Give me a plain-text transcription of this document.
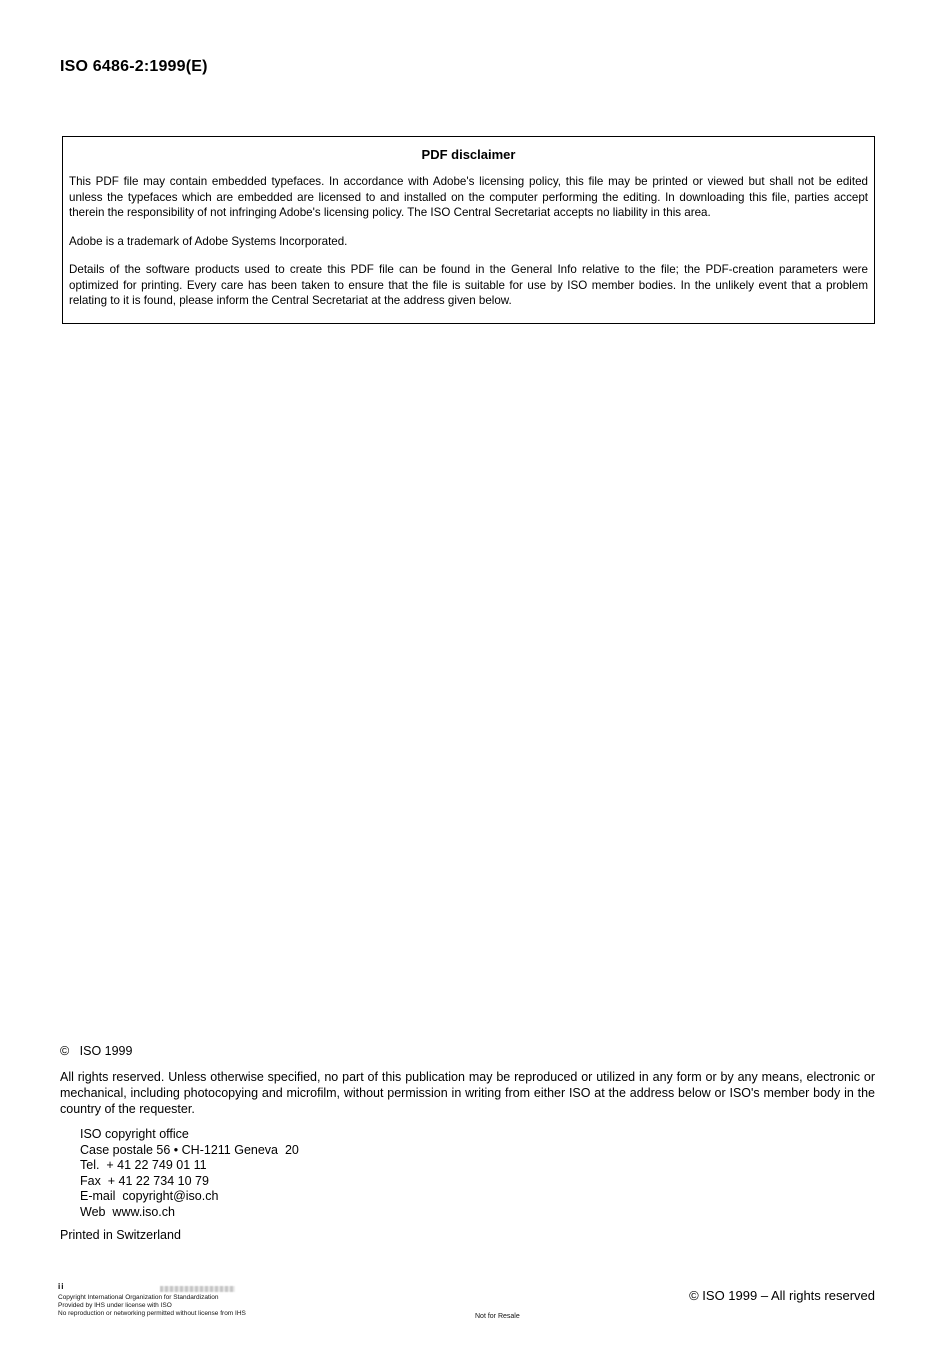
ISO 6486-2:1999(E)
PDF disclaimer

This PDF file may contain embedded typefaces. In accordance with Adobe's licensing policy, this file may be printed or viewed but shall not be edited unless the typefaces which are embedded are licensed to and installed on the computer performing the editing. In downloading this file, parties accept therein the responsibility of not infringing Adobe's licensing policy. The ISO Central Secretariat accepts no liability in this area.

Adobe is a trademark of Adobe Systems Incorporated.

Details of the software products used to create this PDF file can be found in the General Info relative to the file; the PDF-creation parameters were optimized for printing. Every care has been taken to ensure that the file is suitable for use by ISO member bodies. In the unlikely event that a problem relating to it is found, please inform the Central Secretariat at the address given below.

©   ISO 1999

All rights reserved. Unless otherwise specified, no part of this publication may be reproduced or utilized in any form or by any means, electronic or mechanical, including photocopying and microfilm, without permission in writing from either ISO at the address below or ISO's member body in the country of the requester.

ISO copyright office
Case postale 56 • CH-1211 Geneva  20
Tel.  + 41 22 749 01 11
Fax  + 41 22 734 10 79
E-mail  copyright@iso.ch
Web  www.iso.ch
Printed in Switzerland
ii
Copyright International Organization for Standardization
Provided by IHS under license with ISO
No reproduction or networking permitted without license from IHS	Not for Resale
© ISO 1999 – All rights reserved
